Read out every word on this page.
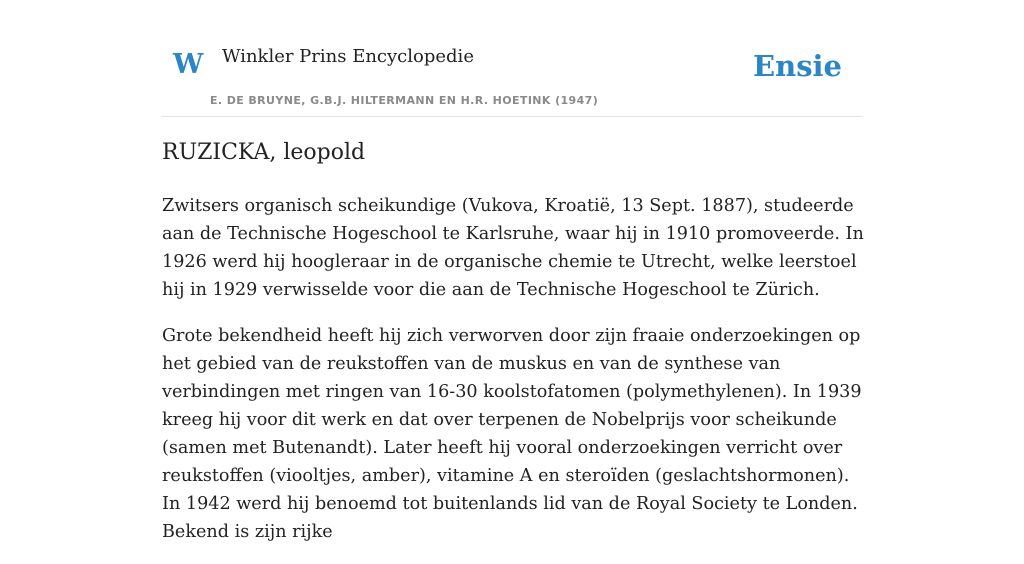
W Winkler Prins Encyclopedie
E. DE BRUYNE, G.B.J. HILTERMANN EN H.R. HOETINK (1947)
Ensie
RUZICKA, leopold

Zwitsers organisch scheikundige (Vukova, Kroatië, 13 Sept. 1887), studeerde aan de Technische Hogeschool te Karlsruhe, waar hij in 1910 promoveerde. In 1926 werd hij hoogleraar in de organische chemie te Utrecht, welke leerstoel hij in 1929 verwisselde voor die aan de Technische Hogeschool te Zürich.

Grote bekendheid heeft hij zich verworven door zijn fraaie onderzoekingen op het gebied van de reukstoffen van de muskus en van de synthese van verbindingen met ringen van 16-30 koolstofatomen (polymethylenen). In 1939 kreeg hij voor dit werk en dat over terpenen de Nobelprijs voor scheikunde (samen met Butenandt). Later heeft hij vooral onderzoekingen verricht over reukstoffen (viooltjes, amber), vitamine A en steroïden (geslachtshormonen). In 1942 werd hij benoemd tot buitenlands lid van de Royal Society te Londen. Bekend is zijn rijke
